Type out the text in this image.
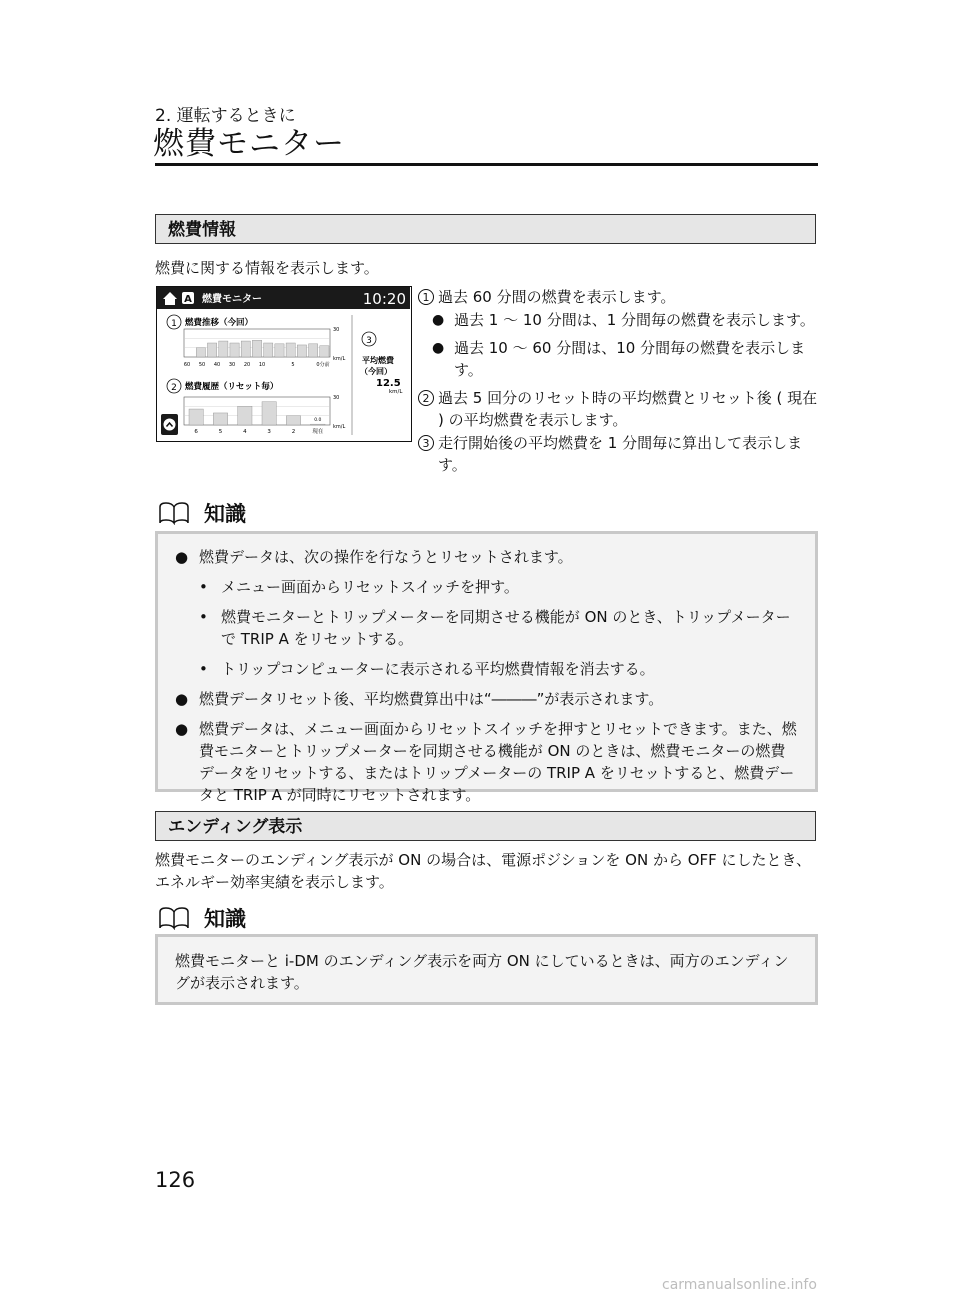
2. 運転するときに
燃費モニター
燃費情報
燃費に関する情報を表示します。
A 燃費モニター	10:20
1 燃費推移（今回）
30
km/L
60 50 40 30 20 10	5	0分前
2 燃費履歴（リセット毎）
30
km/L
0.0
6	5	4	3	2	現在
3
平均燃費
（今回）
12.5
km/L
1 過去 60 分間の燃費を表示します。
● 過去 1 〜 10 分間は、1 分間毎の燃費を表示します。
● 過去 10 〜 60 分間は、10 分間毎の燃費を表示します。
2 過去 5 回分のリセット時の平均燃費とリセット後 ( 現在 ) の平均燃費を表示します。
3 走行開始後の平均燃費を 1 分間毎に算出して表示します。
知識
● 燃費データは、次の操作を行なうとリセットされます。
• メニュー画面からリセットスイッチを押す。
• 燃費モニターとトリップメーターを同期させる機能が ON のとき、トリップメーターで TRIP A をリセットする。
• トリップコンピューターに表示される平均燃費情報を消去する。
● 燃費データリセット後、平均燃費算出中は“―――”が表示されます。
● 燃費データは、メニュー画面からリセットスイッチを押すとリセットできます。また、燃費モニターとトリップメーターを同期させる機能が ON のときは、燃費モニターの燃費データをリセットする、またはトリップメーターの TRIP A をリセットすると、燃費データと TRIP A が同時にリセットされます。
エンディング表示
燃費モニターのエンディング表示が ON の場合は、電源ポジションを ON から OFF にしたとき、エネルギー効率実績を表示します。
知識
燃費モニターと i-DM のエンディング表示を両方 ON にしているときは、両方のエンディングが表示されます。
126
carmanualsonline.info
